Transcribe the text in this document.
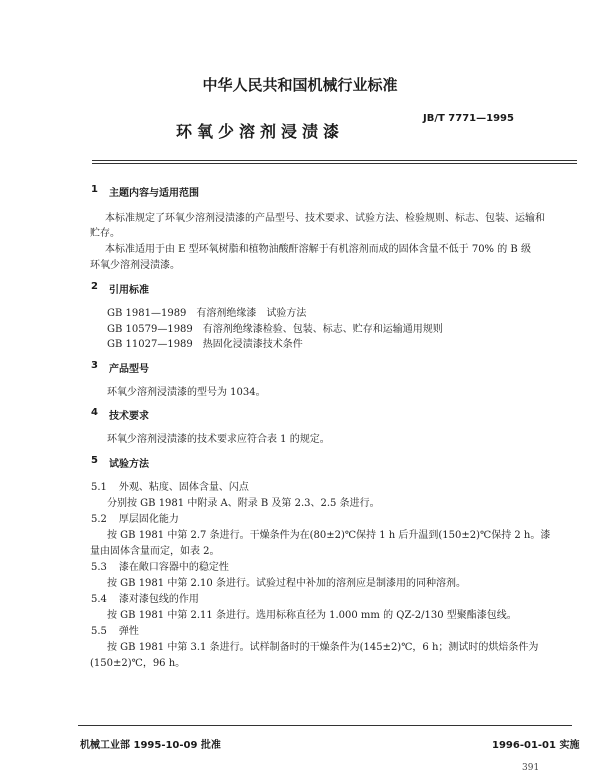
中华人民共和国机械行业标准
环氧少溶剂浸渍漆
JB/T 7771—1995
1 主题内容与适用范围
本标准规定了环氧少溶剂浸渍漆的产品型号、技术要求、试验方法、检验规则、标志、包装、运输和
贮存。
本标准适用于由 E 型环氧树脂和植物油酸酐溶解于有机溶剂而成的固体含量不低于 70% 的 B 级
环氧少溶剂浸渍漆。
2 引用标准
GB 1981—1989 有溶剂绝缘漆　试验方法
GB 10579—1989 有溶剂绝缘漆检验、包装、标志、贮存和运输通用规则
GB 11027—1989 热固化浸渍漆技术条件
3 产品型号
环氧少溶剂浸渍漆的型号为 1034。
4 技术要求
环氧少溶剂浸渍漆的技术要求应符合表 1 的规定。
5 试验方法
5.1 外观、粘度、固体含量、闪点
分别按 GB 1981 中附录 A、附录 B 及第 2.3、2.5 条进行。
5.2 厚层固化能力
按 GB 1981 中第 2.7 条进行。干燥条件为在(80±2)℃保持 1 h 后升温到(150±2)℃保持 2 h。漆
量由固体含量而定，如表 2。
5.3 漆在敞口容器中的稳定性
按 GB 1981 中第 2.10 条进行。试验过程中补加的溶剂应是制漆用的同种溶剂。
5.4 漆对漆包线的作用
按 GB 1981 中第 2.11 条进行。选用标称直径为 1.000 mm 的 QZ-2/130 型聚酯漆包线。
5.5 弹性
按 GB 1981 中第 3.1 条进行。试样制备时的干燥条件为(145±2)℃，6 h；测试时的烘焙条件为
(150±2)℃，96 h。
机械工业部 1995-10-09 批准	1996-01-01 实施
391
